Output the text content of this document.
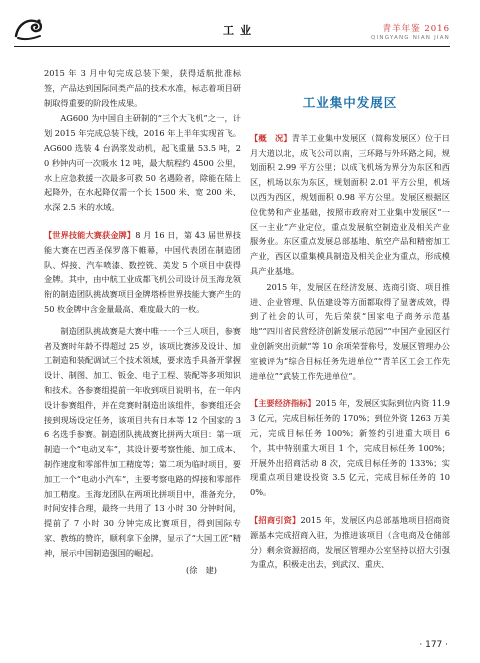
工业	青羊年鉴 2016
QINGYANG NIAN JIAN

2015 年 3 月中旬完成总装下架，获得适航批准标签，产品达到国际同类产品的技术水准，标志着项目研制取得重要的阶段性成果。

AG600 为中国自主研制的“三个大飞机”之一，计划 2015 年完成总装下线，2016 年上半年实现首飞。AG600 选装 4 台涡浆发动机，起飞重量 53.5 吨，20 秒钟内可一次吸水 12 吨，最大航程约 4500 公里，水上应急救援一次最多可救 50 名遇险者，除能在陆上起降外，在水起降仅需一个长 1500 米、宽 200 米、水深 2.5 米的水域。

【世界技能大赛获金牌】8 月 16 日，第 43 届世界技能大赛在巴西圣保罗落下帷幕，中国代表团在制造团队、焊接、汽车喷漆、数控铣、美发 5 个项目中获得金牌。其中，由中航工业成都飞机公司设计员玉海龙领衔的制造团队挑战赛项目金牌塔桥世界技能大赛产生的 50 枚金牌中含金量最高、难度最大的一枚。

制造团队挑战赛是大赛中唯一一个三人项目，参赛者及赛时年龄不得超过 25 岁，该项比赛涉及设计、加工制造和装配调试三个技术领域，要求选手具备开掌握设计、制图、加工、钣金、电子工程、装配等多项知识和技术。各参赛组提前一年收到项目说明书，在一年内设计参赛组件，并在竞赛时制造出该组件，参赛组还会接到现场设定任务，该项目共有日本等 12 个国家的 36 名选手参赛。制造团队挑战赛比拼两大项目：第一项制造一个“电动叉车”，其设计要考察性能、加工成本、制作速度和零部件加工精度等；第二项为临时项目，要加工一个“电动小汽车”，主要考察电路的焊接和零部件加工精度。玉海龙团队在两项比拼项目中，准备充分，时间安排合理，最终一共用了 13 小时 30 分钟时间，提前了 7 小时 30 分钟完成比赛项目，得到国际专家、教练的赞许，顺利拿下金牌，显示了“大国工匠”精神，展示中国制造强国的崛起。

(徐　建)
工业集中发展区

【概　况】青羊工业集中发展区（简称发展区）位于日月大道以北，成飞公司以南，三环路与外环路之间，规划面积 2.99 平方公里；以成飞机场为界分为东区和西区，机场以东为东区，规划面积 2.01 平方公里，机场以西为西区，规划面积 0.98 平方公里。发展区根据区位优势和产业基础，按照市政府对工业集中发展区“一区一主业”产业定位，重点发展航空制造业及相关产业服务业。东区重点发展总部基地、航空产品和精密加工产业，西区以重集模具制造及相关企业为重点，形成模具产业基地。

2015 年，发展区在经济发展、选商引资、项目推进、企业管理、队伍建设等方面都取得了显著成效，得到了社会的认可，先后荣获“国家电子商务示范基地”“四川省民营经济创新发展示范园”“中国产业园区行业创新突出贡献”等 10 余项荣誉称号，发展区管理办公室被评为“综合目标任务先进单位”“青羊区工会工作先进单位”“武装工作先进单位”。

【主要经济指标】2015 年，发展区实际到位内资 11.93 亿元，完成目标任务的 170%；到位外资 1263 万美元，完成目标任务 100%；新签约引进重大项目 6 个，其中特别重大项目 1 个，完成目标任务 100%；开展外出招商活动 8 次，完成目标任务的 133%；实现重点项目建设投资 3.5 亿元，完成目标任务的 100%。

【招商引资】2015 年，发展区内总部基地项目招商资源基本完成招商入驻，为推进该项目（含电商及仓储部分）剩余资源招商，发展区管理办公室坚持以招大引强为重点，积极走出去，到武汉、重庆、

· 177 ·
